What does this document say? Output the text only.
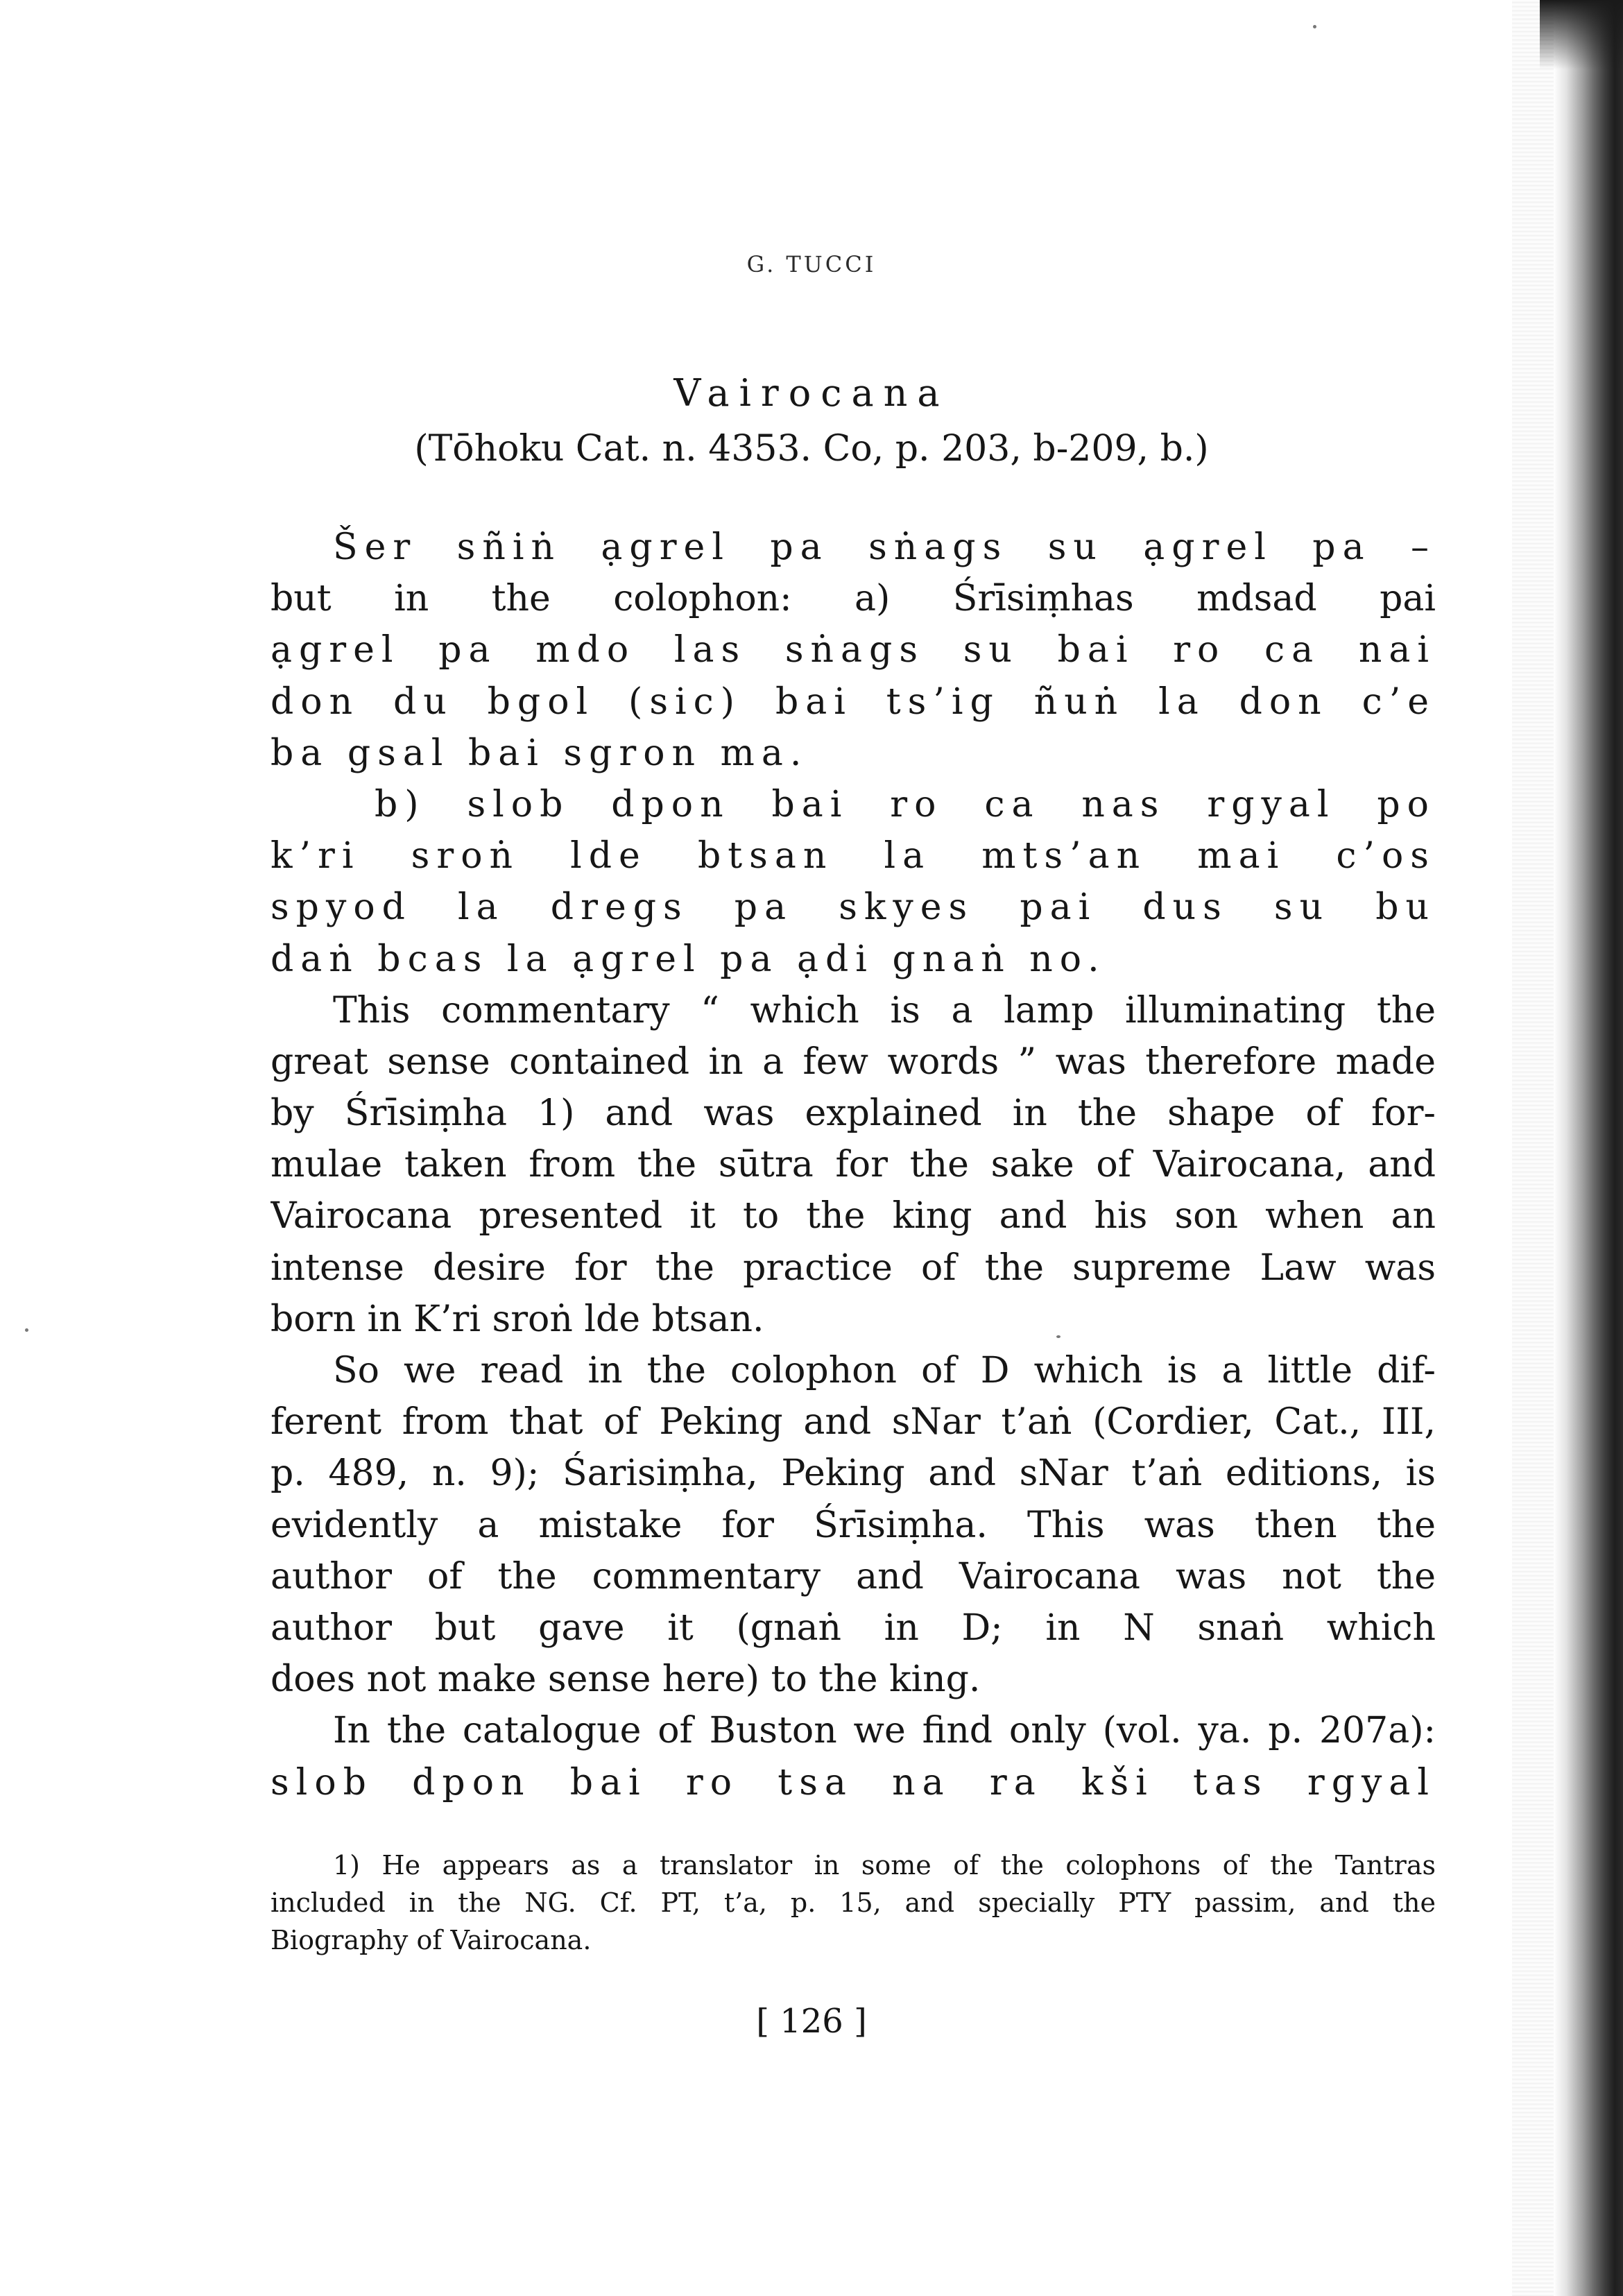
G. TUCCI
Vairocana
(Tōhoku Cat. n. 4353. Co, p. 203, b-209, b.)
Šer sñiṅ ạgrel pa sṅags su ạgrel pa –
but in the colophon: a) Śrīsiṃhas mdsad pai
ạgrel pa mdo las sṅags su bai ro ca nai
don du bgol (sic) bai ts’ig ñuṅ la don c’e
ba gsal bai sgron ma.
b) slob dpon bai ro ca nas rgyal po
k’ri sroṅ lde btsan la mts’an mai c’os
spyod la dregs pa skyes pai dus su bu
daṅ bcas la ạgrel pa ạdi gnaṅ no.
This commentary “ which is a lamp illuminating the
great sense contained in a few words ” was therefore made
by Śrīsiṃha 1) and was explained in the shape of for-
mulae taken from the sūtra for the sake of Vairocana, and
Vairocana presented it to the king and his son when an
intense desire for the practice of the supreme Law was
born in K’ri sroṅ lde btsan.
So we read in the colophon of D which is a little dif-
ferent from that of Peking and sNar t’aṅ (Cordier, Cat., III,
p. 489, n. 9); Śarisiṃha, Peking and sNar t’aṅ editions, is
evidently a mistake for Śrīsiṃha. This was then the
author of the commentary and Vairocana was not the
author but gave it (gnaṅ in D; in N snaṅ which
does not make sense here) to the king.
In the catalogue of Buston we find only (vol. ya. p. 207a):
slob dpon bai ro tsa na ra kši tas rgyal
1) He appears as a translator in some of the colophons of the Tantras
included in the NG. Cf. PT, t’a, p. 15, and specially PTY passim, and the
Biography of Vairocana.
[ 126 ]
